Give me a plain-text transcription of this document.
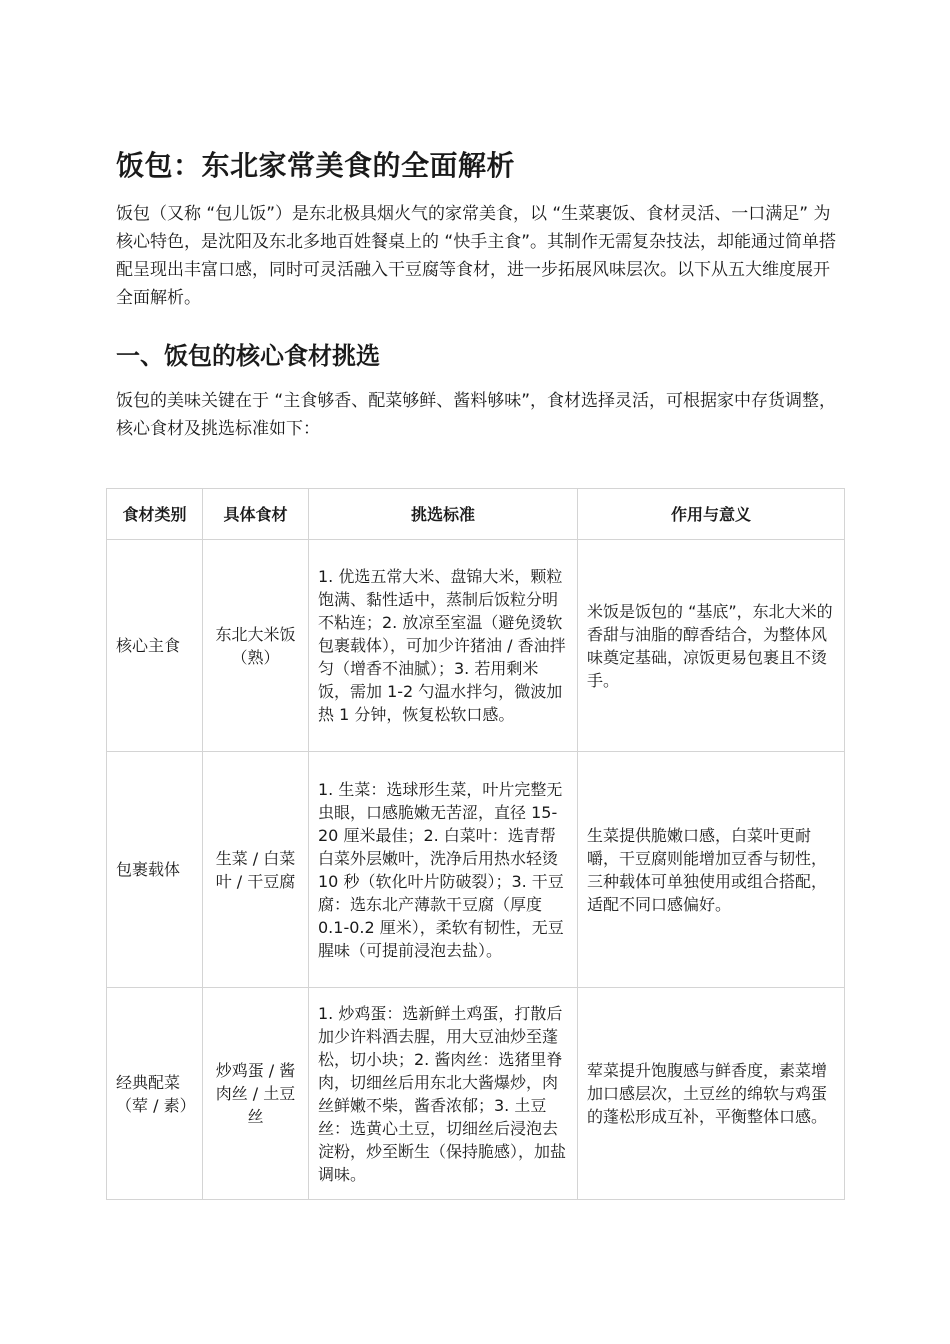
饭包：东北家常美食的全面解析

饭包（又称 “包儿饭”）是东北极具烟火气的家常美食，以 “生菜裹饭、食材灵活、一口满足” 为核心特色，是沈阳及东北多地百姓餐桌上的 “快手主食”。其制作无需复杂技法，却能通过简单搭配呈现出丰富口感，同时可灵活融入干豆腐等食材，进一步拓展风味层次。以下从五大维度展开全面解析。

一、饭包的核心食材挑选

饭包的美味关键在于 “主食够香、配菜够鲜、酱料够味”，食材选择灵活，可根据家中存货调整，核心食材及挑选标准如下：

食材类别	具体食材	挑选标准	作用与意义
核心主食	东北大米饭（熟）	1. 优选五常大米、盘锦大米，颗粒饱满、黏性适中，蒸制后饭粒分明不粘连；2. 放凉至室温（避免烫软包裹载体），可加少许猪油 / 香油拌匀（增香不油腻）；3. 若用剩米饭，需加 1-2 勺温水拌匀，微波加热 1 分钟，恢复松软口感。	米饭是饭包的 “基底”，东北大米的香甜与油脂的醇香结合，为整体风味奠定基础，凉饭更易包裹且不烫手。
包裹载体	生菜 / 白菜叶 / 干豆腐	1. 生菜：选球形生菜，叶片完整无虫眼，口感脆嫩无苦涩，直径 15-20 厘米最佳；2. 白菜叶：选青帮白菜外层嫩叶，洗净后用热水轻烫 10 秒（软化叶片防破裂）；3. 干豆腐：选东北产薄款干豆腐（厚度 0.1-0.2 厘米），柔软有韧性，无豆腥味（可提前浸泡去盐）。	生菜提供脆嫩口感，白菜叶更耐嚼，干豆腐则能增加豆香与韧性，三种载体可单独使用或组合搭配，适配不同口感偏好。
经典配菜（荤 / 素）	炒鸡蛋 / 酱肉丝 / 土豆丝	1. 炒鸡蛋：选新鲜土鸡蛋，打散后加少许料酒去腥，用大豆油炒至蓬松，切小块；2. 酱肉丝：选猪里脊肉，切细丝后用东北大酱爆炒，肉丝鲜嫩不柴，酱香浓郁；3. 土豆丝：选黄心土豆，切细丝后浸泡去淀粉，炒至断生（保持脆感），加盐调味。	荤菜提升饱腹感与鲜香度，素菜增加口感层次，土豆丝的绵软与鸡蛋的蓬松形成互补，平衡整体口感。
